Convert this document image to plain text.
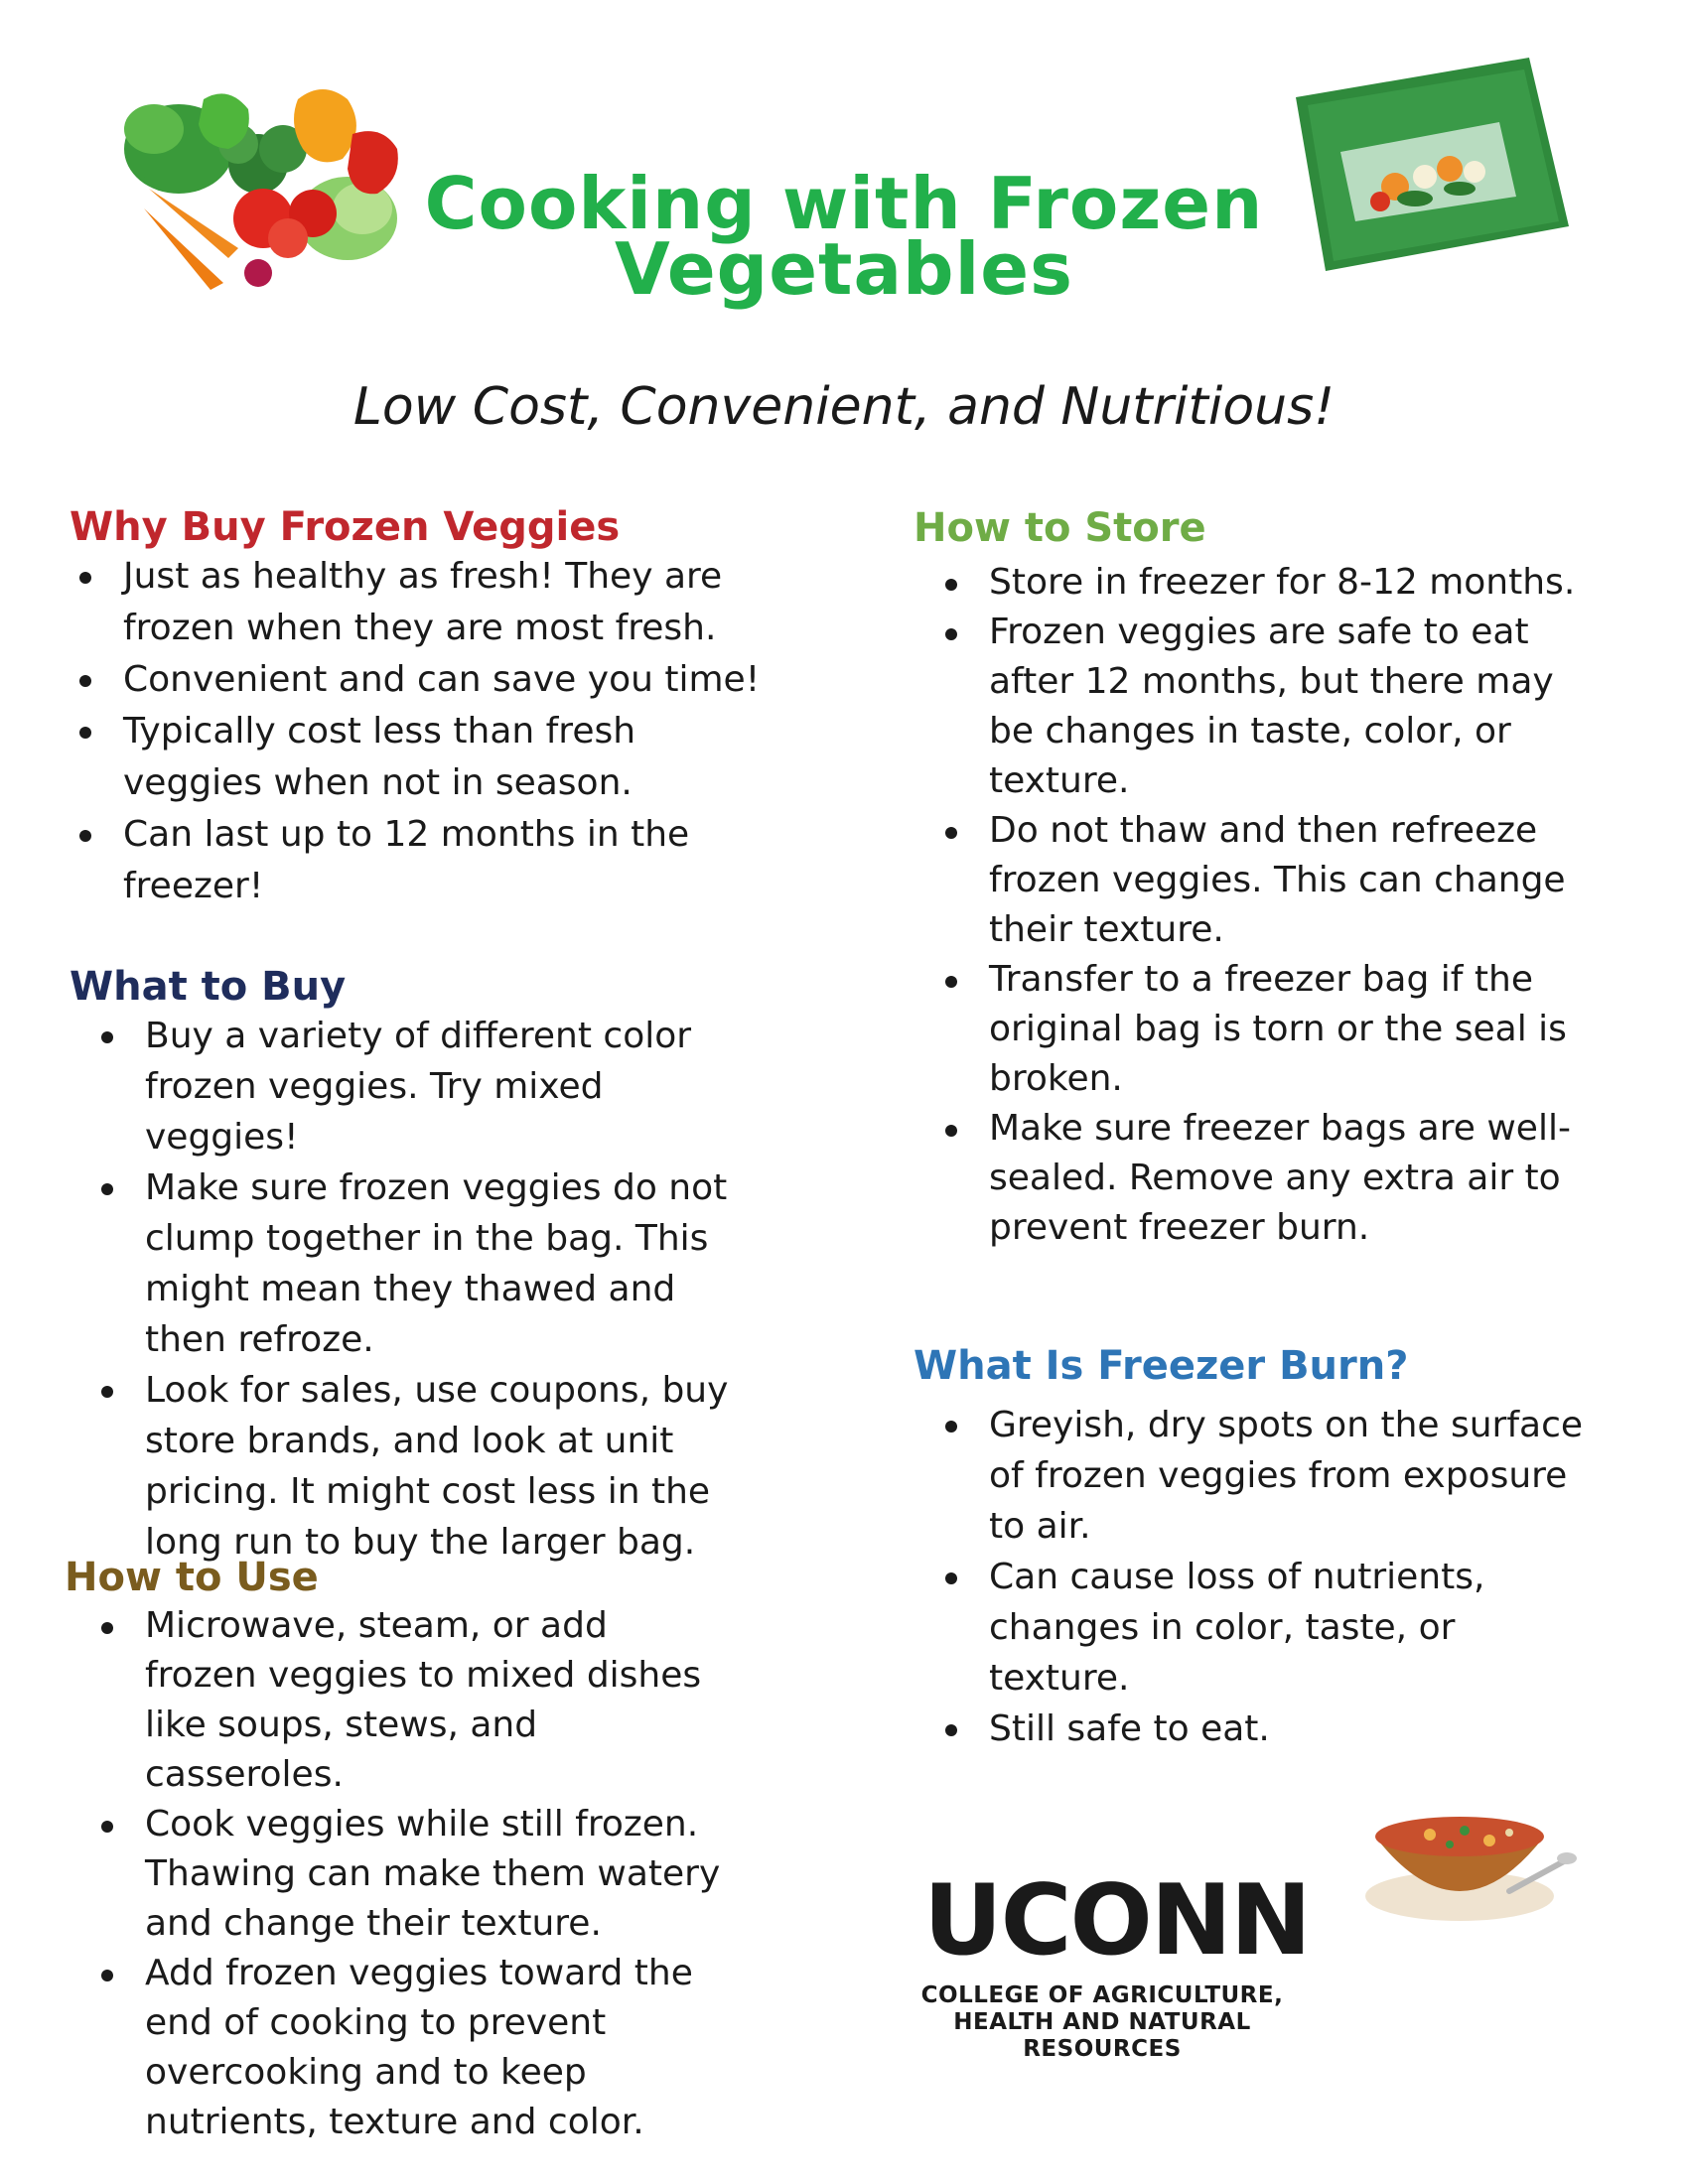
Cooking with Frozen
Vegetables
Low Cost, Convenient, and Nutritious!
Why Buy Frozen Veggies
Just as healthy as fresh! They are frozen when they are most fresh.
Convenient and can save you time!
Typically cost less than fresh veggies when not in season.
Can last up to 12 months in the freezer!
What to Buy
Buy a variety of different color frozen veggies. Try mixed veggies!
Make sure frozen veggies do not clump together in the bag. This might mean they thawed and then refroze.
Look for sales, use coupons, buy store brands, and look at unit pricing. It might cost less in the long run to buy the larger bag.
How to Use
Microwave, steam, or add frozen veggies to mixed dishes like soups, stews, and casseroles.
Cook veggies while still frozen. Thawing can make them watery and change their texture.
Add frozen veggies toward the end of cooking to prevent overcooking and to keep nutrients, texture and color.
How to Store
Store in freezer for 8-12 months.
Frozen veggies are safe to eat after 12 months, but there may be changes in taste, color, or texture.
Do not thaw and then refreeze frozen veggies. This can change their texture.
Transfer to a freezer bag if the original bag is torn or the seal is broken.
Make sure freezer bags are well-sealed. Remove any extra air to prevent freezer burn.
What Is Freezer Burn?
Greyish, dry spots on the surface of frozen veggies from exposure to air.
Can cause loss of nutrients, changes in color, taste, or texture.
Still safe to eat.
UCONN
COLLEGE OF AGRICULTURE,
HEALTH AND NATURAL
RESOURCES
